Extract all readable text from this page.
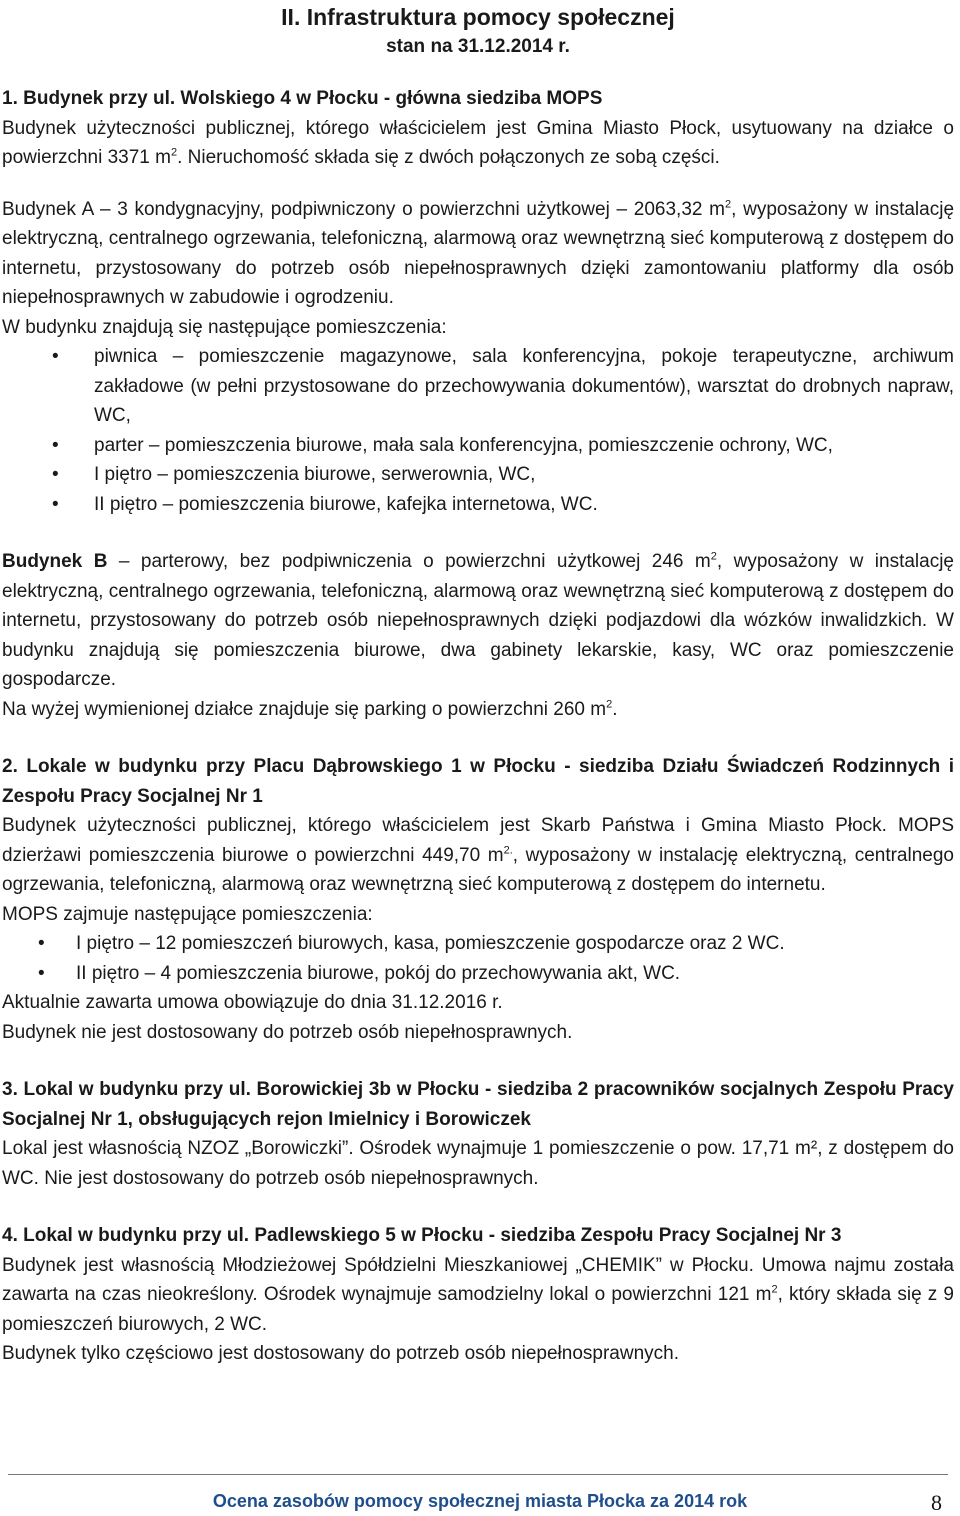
II. Infrastruktura pomocy społecznej
stan na 31.12.2014 r.

1. Budynek przy ul. Wolskiego 4 w Płocku - główna siedziba MOPS

Budynek użyteczności publicznej, którego właścicielem jest Gmina Miasto Płock, usytuowany na działce o powierzchni 3371 $m^2$. Nieruchomość składa się z dwóch połączonych ze sobą części.

Budynek A – 3 kondygnacyjny, podpiwniczony o powierzchni użytkowej – 2063,32 $m^2$, wyposażony w instalację elektryczną, centralnego ogrzewania, telefoniczną, alarmową oraz wewnętrzną sieć komputerową z dostępem do internetu, przystosowany do potrzeb osób niepełnosprawnych dzięki zamontowaniu platformy dla osób niepełnosprawnych w zabudowie i ogrodzeniu.

W budynku znajdują się następujące pomieszczenia:

• piwnica – pomieszczenie magazynowe, sala konferencyjna, pokoje terapeutyczne, archiwum zakładowe (w pełni przystosowane do przechowywania dokumentów), warsztat do drobnych napraw, WC,
• parter – pomieszczenia biurowe, mała sala konferencyjna, pomieszczenie ochrony, WC,
• I piętro – pomieszczenia biurowe, serwerownia, WC,
• II piętro – pomieszczenia biurowe, kafejka internetowa, WC.

Budynek B – parterowy, bez podpiwniczenia o powierzchni użytkowej 246 $m^2$, wyposażony w instalację elektryczną, centralnego ogrzewania, telefoniczną, alarmową oraz wewnętrzną sieć komputerową z dostępem do internetu, przystosowany do potrzeb osób niepełnosprawnych dzięki podjazdowi dla wózków inwalidzkich. W budynku znajdują się pomieszczenia biurowe, dwa gabinety lekarskie, kasy, WC oraz pomieszczenie gospodarcze.

Na wyżej wymienionej działce znajduje się parking o powierzchni 260 $m^2$.

2. Lokale w budynku przy Placu Dąbrowskiego 1 w Płocku - siedziba Działu Świadczeń Rodzinnych i Zespołu Pracy Socjalnej Nr 1

Budynek użyteczności publicznej, którego właścicielem jest Skarb Państwa i Gmina Miasto Płock. MOPS dzierżawi pomieszczenia biurowe o powierzchni 449,70 $m^{2.}$, wyposażony w instalację elektryczną, centralnego ogrzewania, telefoniczną, alarmową oraz wewnętrzną sieć komputerową z dostępem do internetu.

MOPS zajmuje następujące pomieszczenia:

• I piętro – 12 pomieszczeń biurowych, kasa, pomieszczenie gospodarcze oraz 2 WC.
• II piętro – 4 pomieszczenia biurowe, pokój do przechowywania akt, WC.

Aktualnie zawarta umowa obowiązuje do dnia 31.12.2016 r.

Budynek nie jest dostosowany do potrzeb osób niepełnosprawnych.

3. Lokal w budynku przy ul. Borowickiej 3b w Płocku - siedziba 2 pracowników socjalnych Zespołu Pracy Socjalnej Nr 1, obsługujących rejon Imielnicy i Borowiczek

Lokal jest własnością NZOZ „Borowiczki”. Ośrodek wynajmuje 1 pomieszczenie o pow. 17,71 m², z dostępem do WC. Nie jest dostosowany do potrzeb osób niepełnosprawnych.

4. Lokal w budynku przy ul. Padlewskiego 5 w Płocku - siedziba Zespołu Pracy Socjalnej Nr 3

Budynek jest własnością Młodzieżowej Spółdzielni Mieszkaniowej „CHEMIK” w Płocku. Umowa najmu została zawarta na czas nieokreślony. Ośrodek wynajmuje samodzielny lokal o powierzchni 121 $m^2$, który składa się z 9 pomieszczeń biurowych, 2 WC.

Budynek tylko częściowo jest dostosowany do potrzeb osób niepełnosprawnych.

Ocena zasobów pomocy społecznej miasta Płocka za 2014 rok	8
